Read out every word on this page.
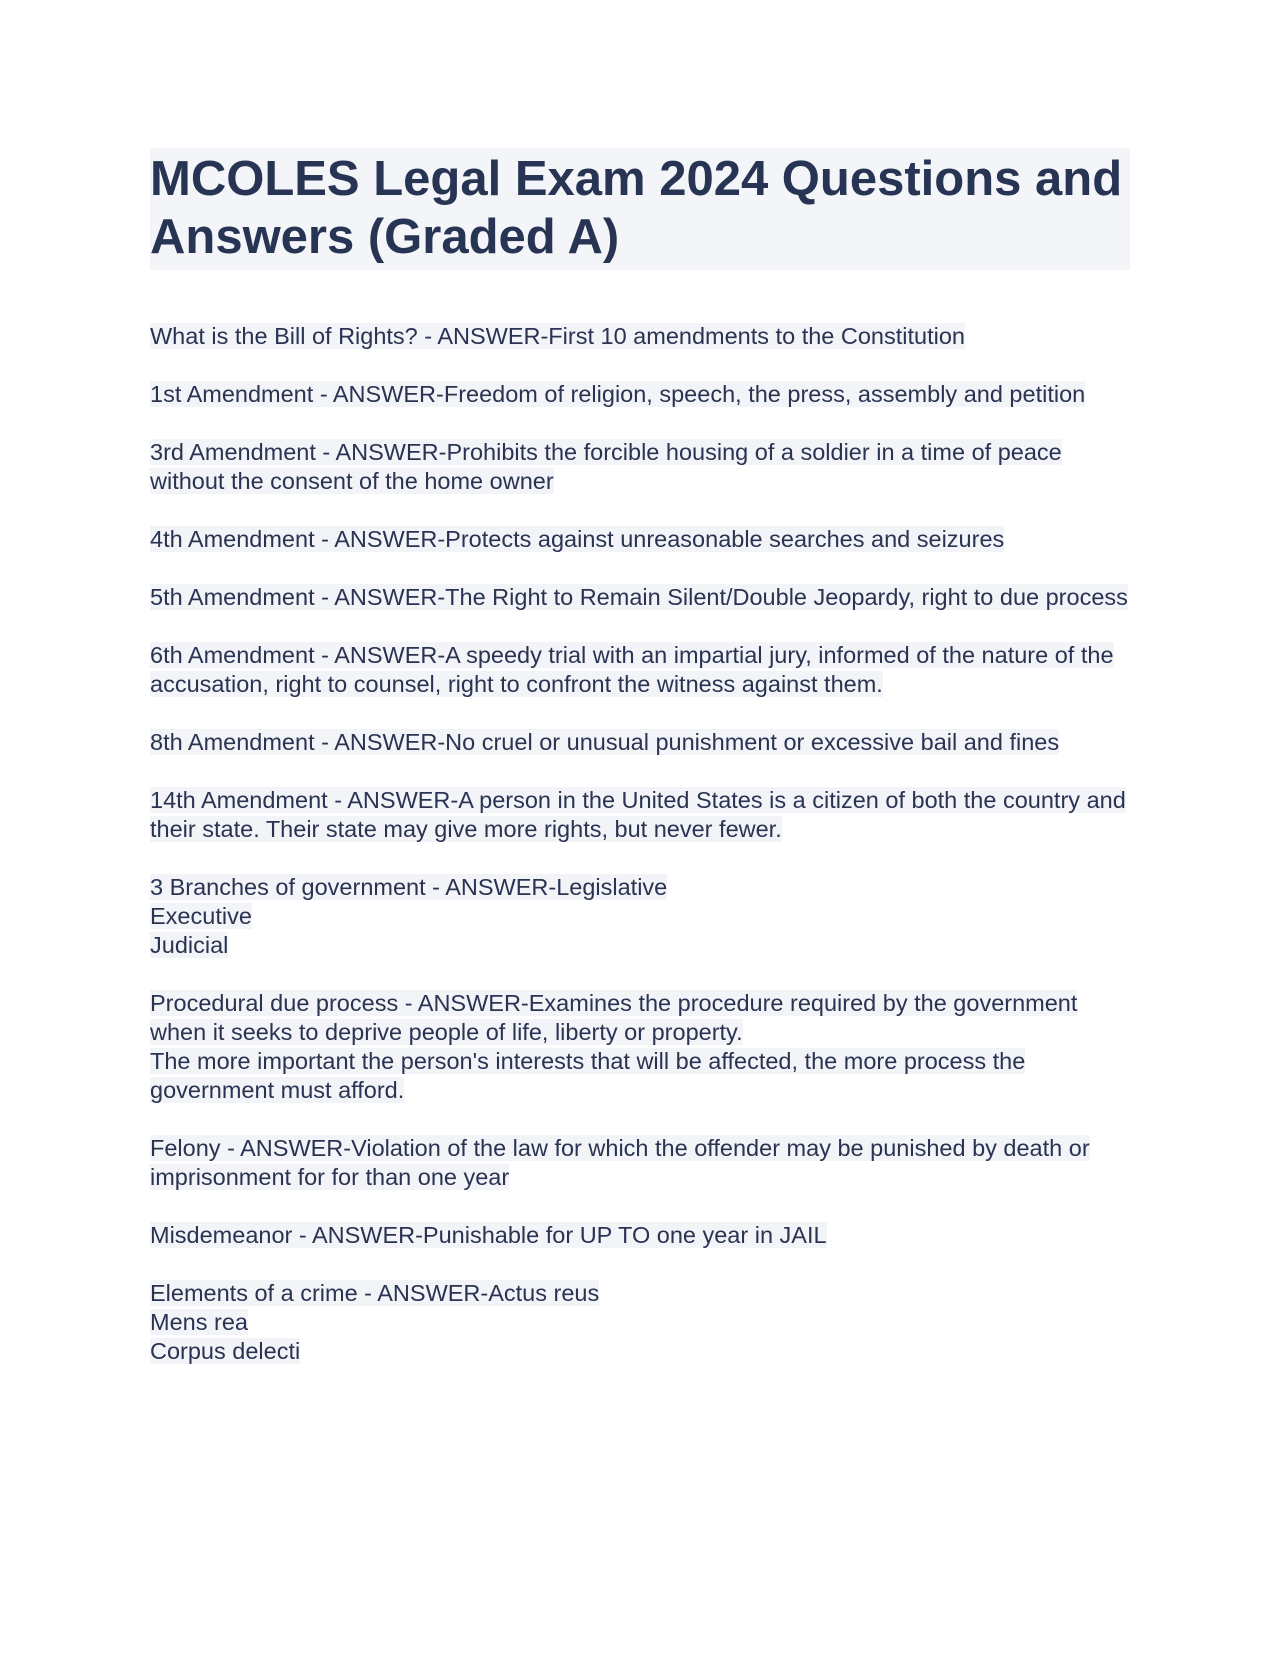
MCOLES Legal Exam 2024 Questions and Answers (Graded A)
What is the Bill of Rights? - ANSWER-First 10 amendments to the Constitution
1st Amendment - ANSWER-Freedom of religion, speech, the press, assembly and petition
3rd Amendment - ANSWER-Prohibits the forcible housing of a soldier in a time of peace without the consent of the home owner
4th Amendment - ANSWER-Protects against unreasonable searches and seizures
5th Amendment - ANSWER-The Right to Remain Silent/Double Jeopardy, right to due process
6th Amendment - ANSWER-A speedy trial with an impartial jury, informed of the nature of the accusation, right to counsel, right to confront the witness against them.
8th Amendment - ANSWER-No cruel or unusual punishment or excessive bail and fines
14th Amendment - ANSWER-A person in the United States is a citizen of both the country and their state. Their state may give more rights, but never fewer.
3 Branches of government - ANSWER-Legislative
Executive
Judicial
Procedural due process - ANSWER-Examines the procedure required by the government when it seeks to deprive people of life, liberty or property.
The more important the person's interests that will be affected, the more process the government must afford.
Felony - ANSWER-Violation of the law for which the offender may be punished by death or imprisonment for for than one year
Misdemeanor - ANSWER-Punishable for UP TO one year in JAIL
Elements of a crime - ANSWER-Actus reus
Mens rea
Corpus delecti
